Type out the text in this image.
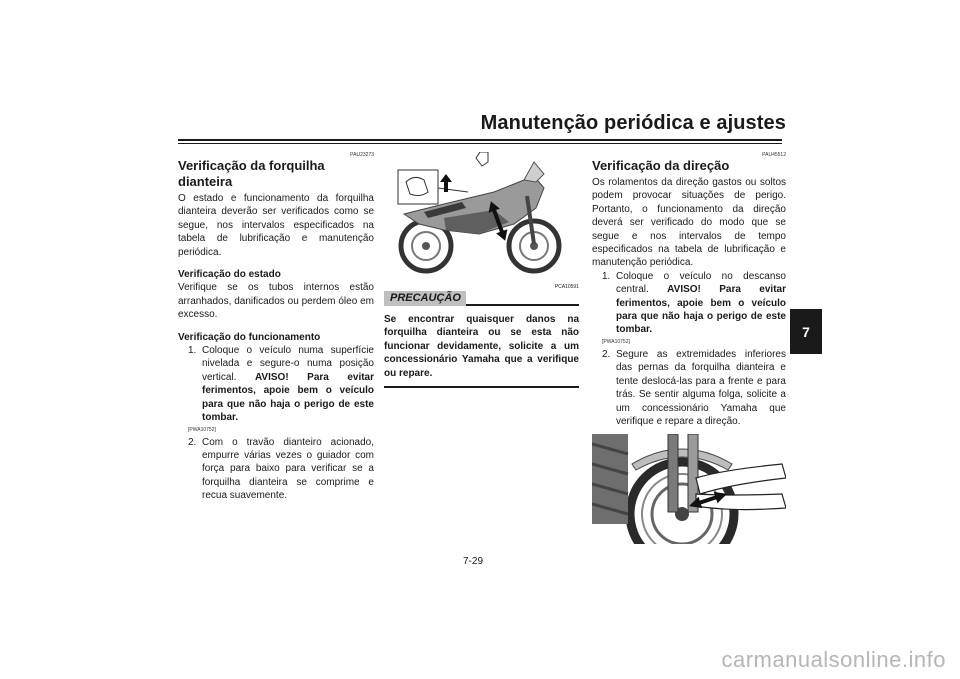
Manutenção periódica e ajustes
7
PAU23273
Verificação da forquilha dianteira

O estado e funcionamento da forquilha dianteira deverão ser verificados como se segue, nos intervalos especificados na tabela de lubrificação e manutenção periódica.

Verificação do estado

Verifique se os tubos internos estão arranhados, danificados ou perdem óleo em excesso.

Verificação do funcionamento
1. Coloque o veículo numa superfície nivelada e segure-o numa posição vertical. AVISO! Para evitar ferimentos, apoie bem o veículo para que não haja o perigo de este tombar.
[PWA10752]
2. Com o travão dianteiro acionado, empurre várias vezes o guiador com força para baixo para verificar se a forquilha dianteira se comprime e recua suavemente.
PCA10591
PRECAUÇÃO
Se encontrar quaisquer danos na forquilha dianteira ou se esta não funcionar devidamente, solicite a um concessionário Yamaha que a verifique ou repare.
PAU45512
Verificação da direção

Os rolamentos da direção gastos ou soltos podem provocar situações de perigo. Portanto, o funcionamento da direção deverá ser verificado do modo que se segue e nos intervalos de tempo especificados na tabela de lubrificação e manutenção periódica.

1. Coloque o veículo no descanso central. AVISO! Para evitar ferimentos, apoie bem o veículo para que não haja o perigo de este tombar.
[PWA10752]
2. Segure as extremidades inferiores das pernas da forquilha dianteira e tente deslocá-las para a frente e para trás. Se sentir alguma folga, solicite a um concessionário Yamaha que verifique e repare a direção.
7-29
carmanualsonline.info
